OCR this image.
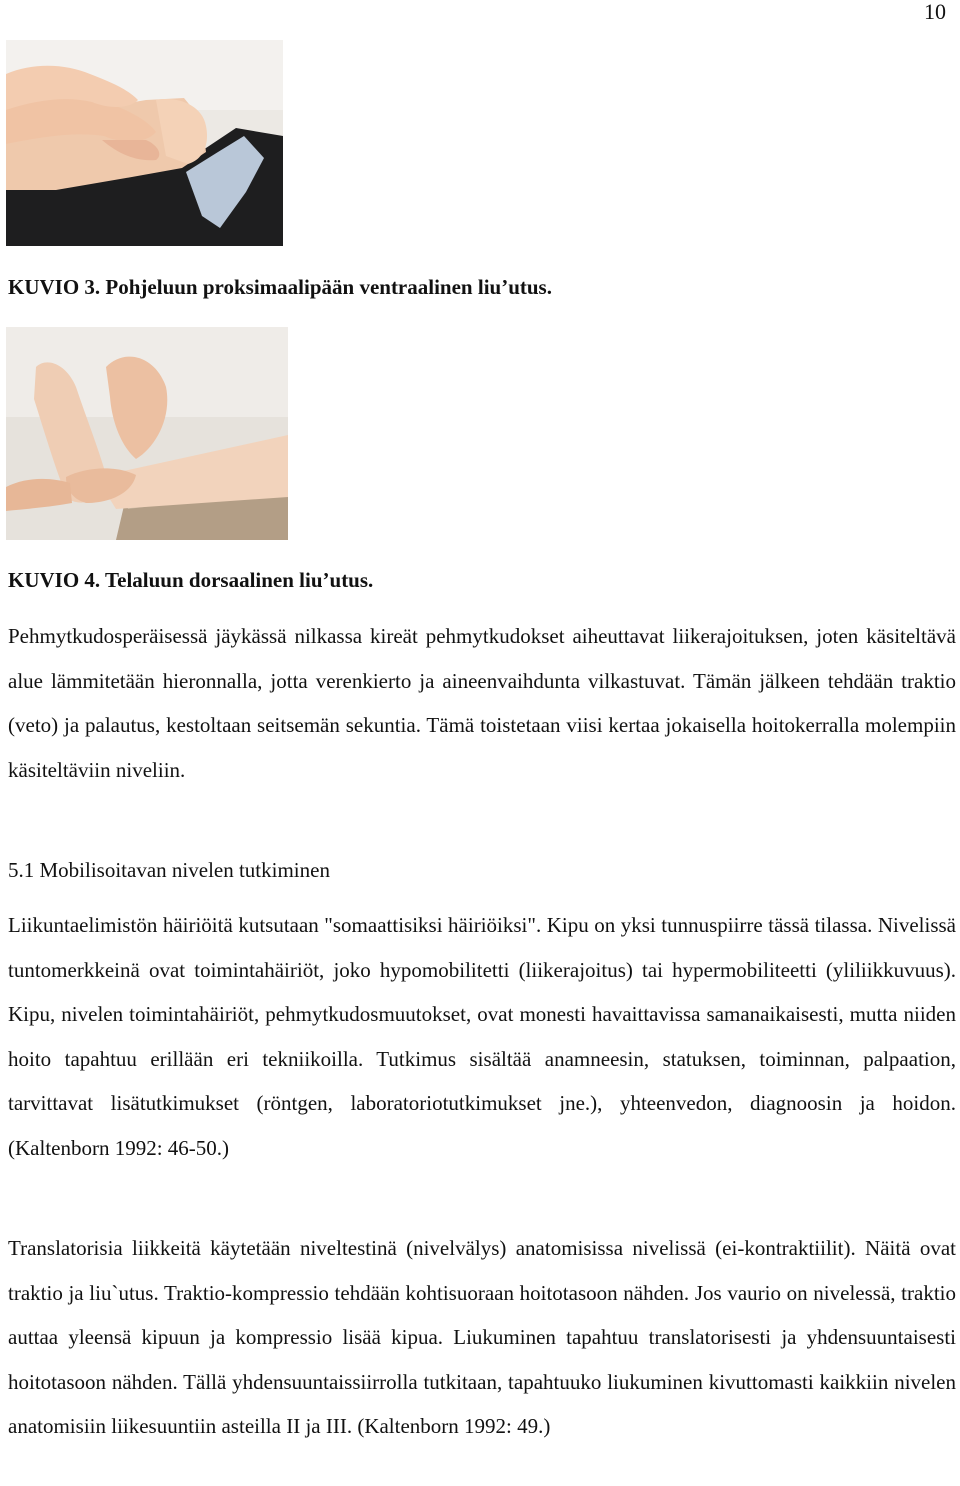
10
KUVIO 3. Pohjeluun proksimaalipään ventraalinen liu’utus.
KUVIO 4. Telaluun dorsaalinen liu’utus.

Pehmytkudosperäisessä jäykässä nilkassa kireät pehmytkudokset aiheuttavat liikerajoituksen, joten käsiteltävä alue lämmitetään hieronnalla, jotta verenkierto ja aineenvaihdunta vilkastuvat. Tämän jälkeen tehdään traktio (veto) ja palautus, kestoltaan seitsemän sekuntia. Tämä toistetaan viisi kertaa jokaisella hoitokerralla molempiin käsiteltäviin niveliin.

5.1 Mobilisoitavan nivelen tutkiminen

Liikuntaelimistön häiriöitä kutsutaan "somaattisiksi häiriöiksi". Kipu on yksi tunnuspiirre tässä tilassa. Nivelissä tuntomerkkeinä ovat toimintahäiriöt, joko hypomobilitetti (liikerajoitus) tai hypermobiliteetti (yliliikkuvuus). Kipu, nivelen toimintahäiriöt, pehmytkudosmuutokset, ovat monesti havaittavissa samanaikaisesti, mutta niiden hoito tapahtuu erillään eri tekniikoilla. Tutkimus sisältää anamneesin, statuksen, toiminnan, palpaation, tarvittavat lisätutkimukset (röntgen, laboratoriotutkimukset jne.), yhteenvedon, diagnoosin ja hoidon. (Kaltenborn 1992: 46-50.)

Translatorisia liikkeitä käytetään niveltestinä (nivelvälys) anatomisissa nivelissä (ei-kontraktiilit). Näitä ovat traktio ja liu`utus. Traktio-kompressio tehdään kohtisuoraan hoitotasoon nähden. Jos vaurio on nivelessä, traktio auttaa yleensä kipuun ja kompressio lisää kipua. Liukuminen tapahtuu translatorisesti ja yhdensuuntaisesti hoitotasoon nähden. Tällä yhdensuuntaissiirrolla tutkitaan, tapahtuuko liukuminen kivuttomasti kaikkiin nivelen anatomisiin liikesuuntiin asteilla II ja III. (Kaltenborn 1992: 49.)
